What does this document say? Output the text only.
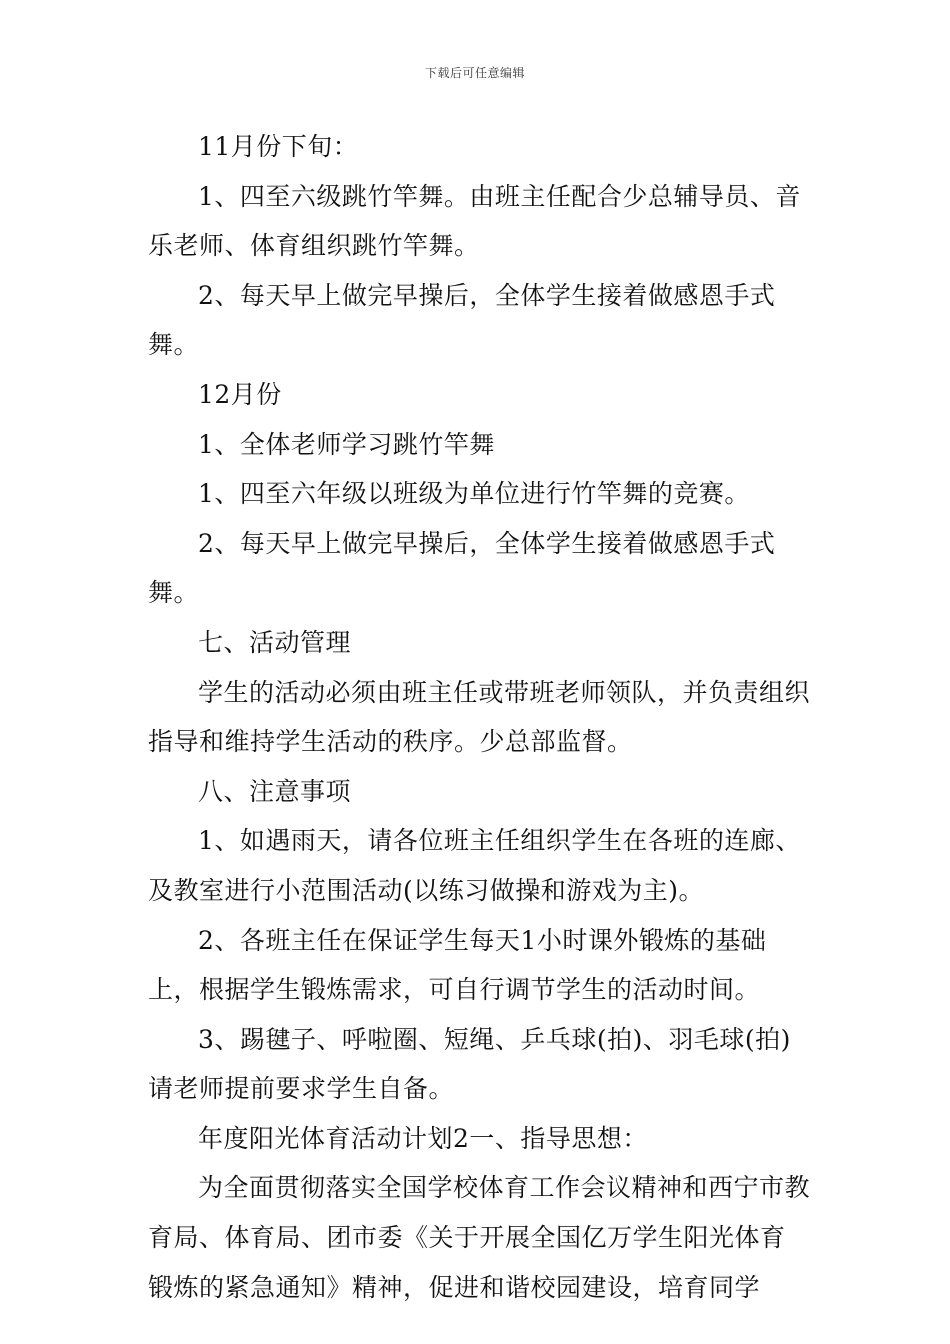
下载后可任意编辑

11月份下旬：

1、四至六级跳竹竿舞。由班主任配合少总辅导员、音乐老师、体育组织跳竹竿舞。

2、每天早上做完早操后，全体学生接着做感恩手式舞。

12月份

1、全体老师学习跳竹竿舞

1、四至六年级以班级为单位进行竹竿舞的竞赛。

2、每天早上做完早操后，全体学生接着做感恩手式舞。

七、活动管理

学生的活动必须由班主任或带班老师领队，并负责组织指导和维持学生活动的秩序。少总部监督。

八、注意事项

1、如遇雨天，请各位班主任组织学生在各班的连廊、及教室进行小范围活动(以练习做操和游戏为主)。

2、各班主任在保证学生每天1小时课外锻炼的基础上，根据学生锻炼需求，可自行调节学生的活动时间。

3、踢毽子、呼啦圈、短绳、乒乓球(拍)、羽毛球(拍)请老师提前要求学生自备。

年度阳光体育活动计划2一、指导思想：

为全面贯彻落实全国学校体育工作会议精神和西宁市教育局、体育局、团市委《关于开展全国亿万学生阳光体育锻炼的紧急通知》精神，促进和谐校园建设，培育同学
